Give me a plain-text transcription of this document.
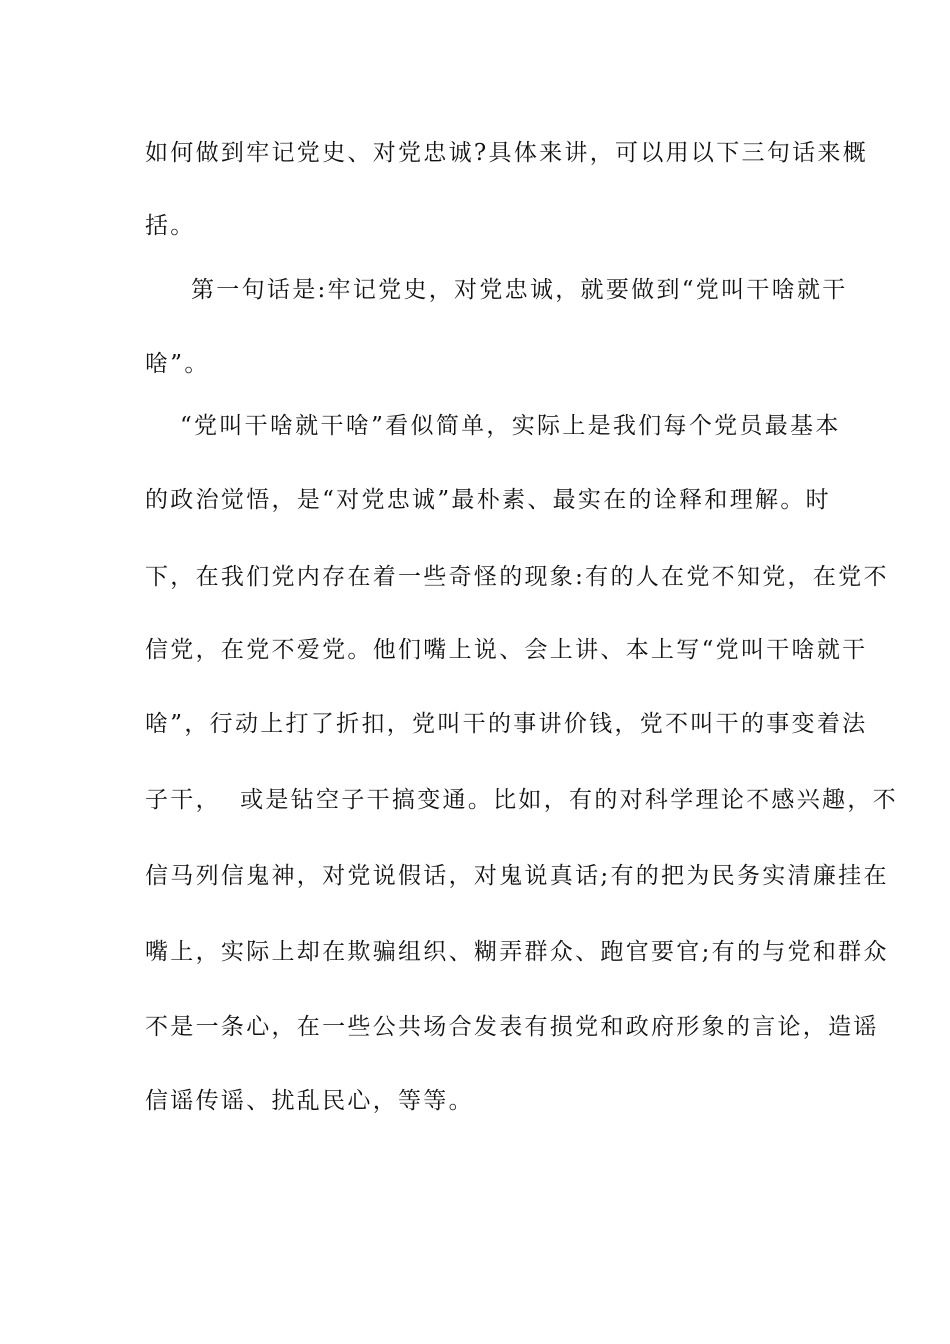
如何做到牢记党史、对党忠诚?具体来讲，可以用以下三句话来概
括。
第一句话是:牢记党史，对党忠诚，就要做到“党叫干啥就干
啥”。
“党叫干啥就干啥”看似简单，实际上是我们每个党员最基本
的政治觉悟，是“对党忠诚”最朴素、最实在的诠释和理解。时
下，在我们党内存在着一些奇怪的现象:有的人在党不知党，在党不
信党，在党不爱党。他们嘴上说、会上讲、本上写“党叫干啥就干
啥”，行动上打了折扣，党叫干的事讲价钱，党不叫干的事变着法
子干，  或是钻空子干搞变通。比如，有的对科学理论不感兴趣，不
信马列信鬼神，对党说假话，对鬼说真话;有的把为民务实清廉挂在
嘴上，实际上却在欺骗组织、糊弄群众、跑官要官;有的与党和群众
不是一条心，在一些公共场合发表有损党和政府形象的言论，造谣
信谣传谣、扰乱民心，等等。
